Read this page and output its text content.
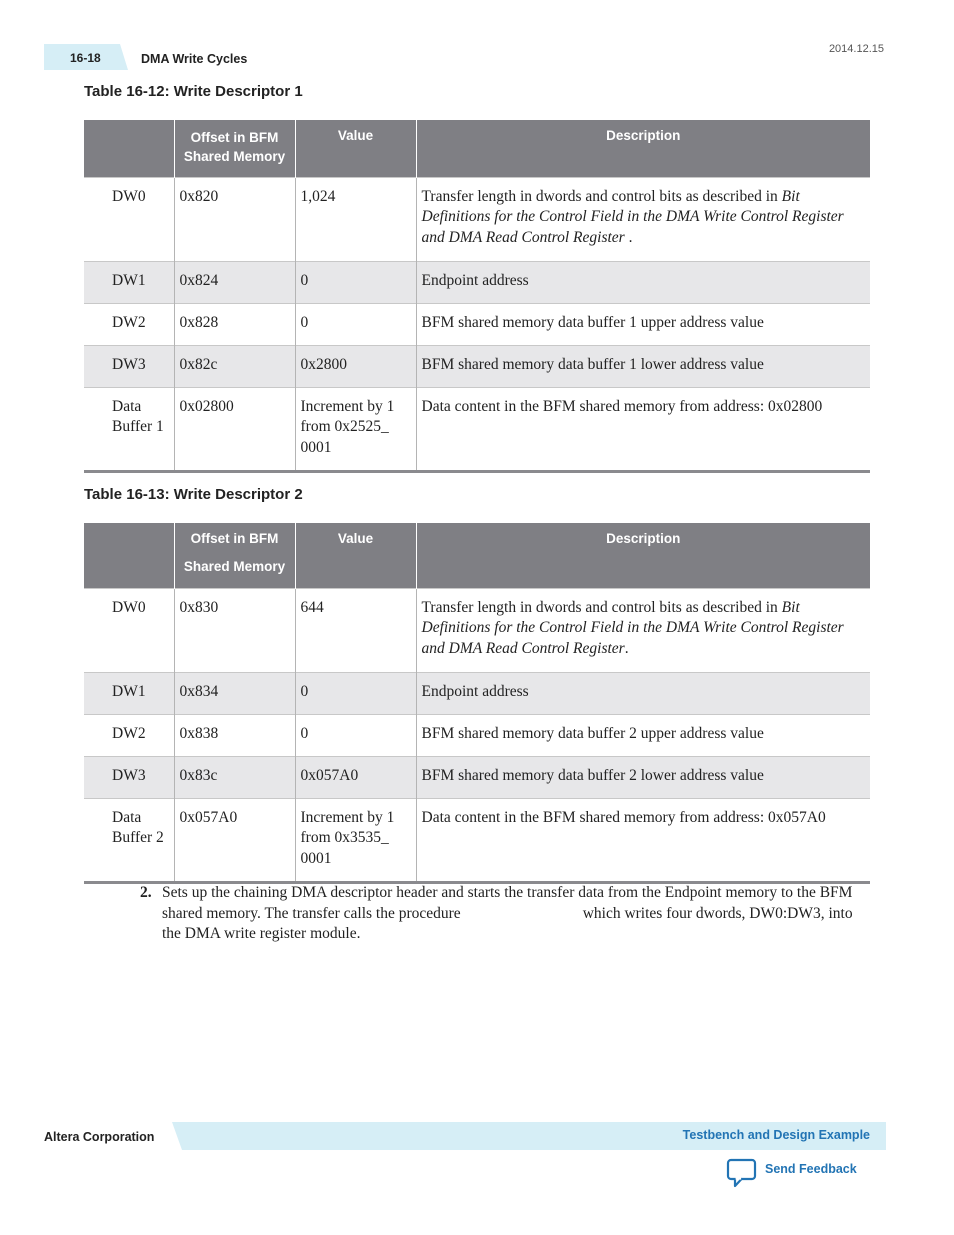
16-18	DMA Write Cycles
2014.12.15
Table 16-12: Write Descriptor 1
	Offset in BFM Shared Memory	Value	Description
DW0	0x820	1,024	Transfer length in dwords and control bits as described in Bit Definitions for the Control Field in the DMA Write Control Register and DMA Read Control Register .
DW1	0x824	0	Endpoint address
DW2	0x828	0	BFM shared memory data buffer 1 upper address value
DW3	0x82c	0x2800	BFM shared memory data buffer 1 lower address value
Data Buffer 1	0x02800	Increment by 1 from 0x2525_ 0001	Data content in the BFM shared memory from address: 0x02800
Table 16-13: Write Descriptor 2
	Offset in BFM Shared Memory	Value	Description
DW0	0x830	644	Transfer length in dwords and control bits as described in Bit Definitions for the Control Field in the DMA Write Control Register and DMA Read Control Register.
DW1	0x834	0	Endpoint address
DW2	0x838	0	BFM shared memory data buffer 2 upper address value
DW3	0x83c	0x057A0	BFM shared memory data buffer 2 lower address value
Data Buffer 2	0x057A0	Increment by 1 from 0x3535_ 0001	Data content in the BFM shared memory from address: 0x057A0
2. Sets up the chaining DMA descriptor header and starts the transfer data from the Endpoint memory to the BFM shared memory. The transfer calls the procedure	which writes four dwords, DW0:DW3, into the DMA write register module.
Altera Corporation	Testbench and Design Example
Send Feedback
